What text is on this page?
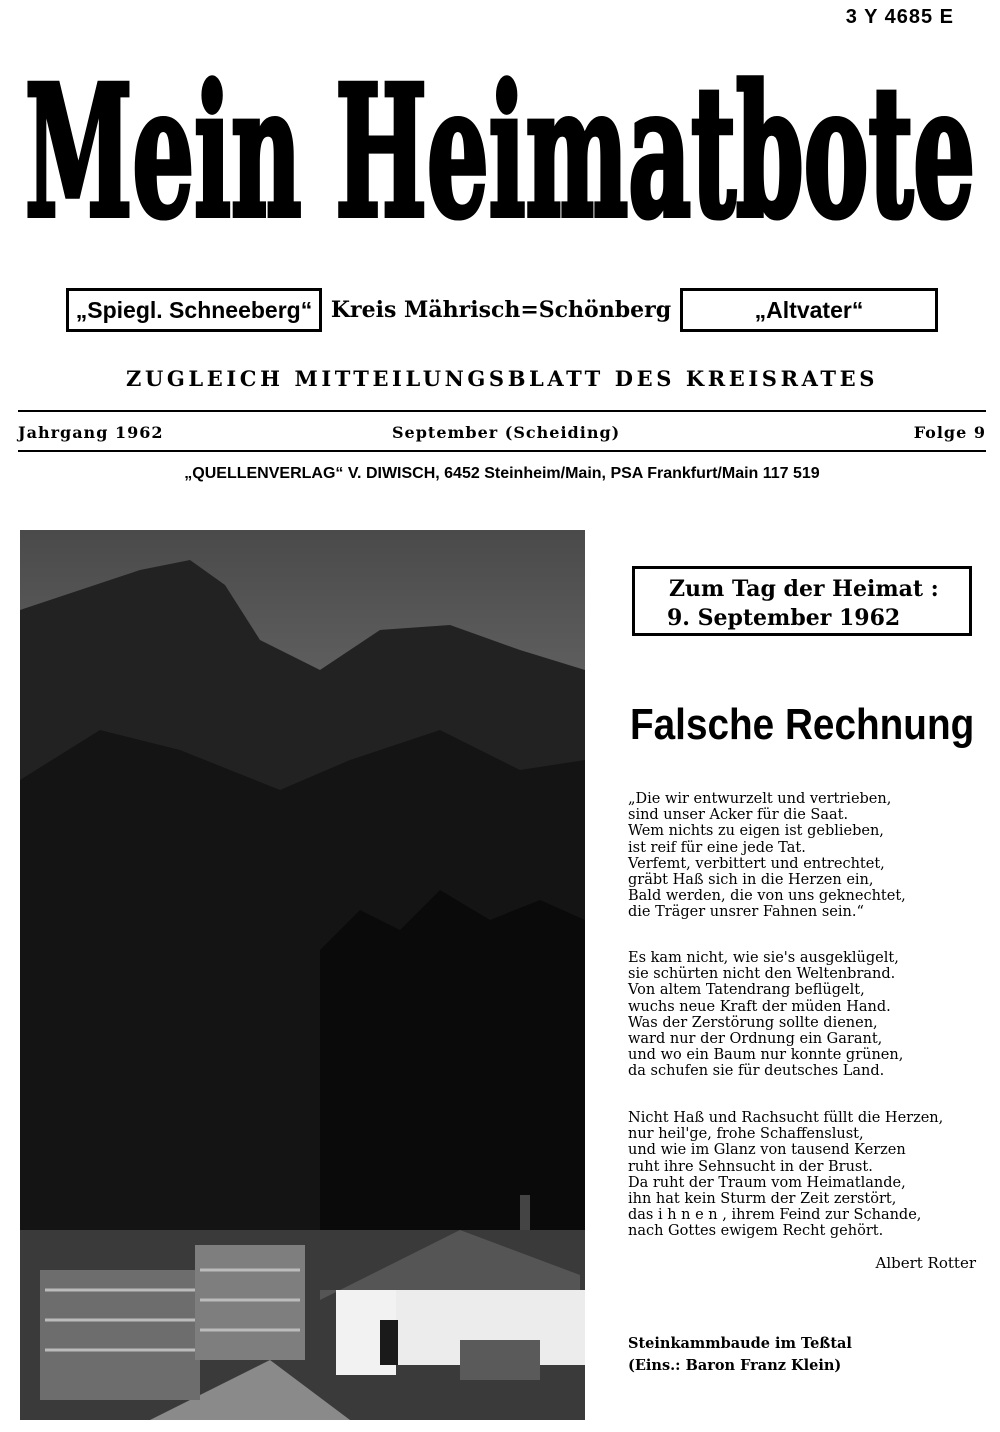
3 Y 4685 E
Mein Heimatbote
„Spiegl. Schneeberg“ Kreis Mährisch=Schönberg	„Altvater“
ZUGLEICH MITTEILUNGSBLATT DES KREISRATES
Jahrgang 1962	September (Scheiding)	Folge 9
„QUELLENVERLAG“ V. DIWISCH, 6452 Steinheim/Main, PSA Frankfurt/Main 117 519
Zum Tag der Heimat :
9. September 1962
Falsche Rechnung
„Die wir entwurzelt und vertrieben,
sind unser Acker für die Saat.
Wem nichts zu eigen ist geblieben,
ist reif für eine jede Tat.
Verfemt, verbittert und entrechtet,
gräbt Haß sich in die Herzen ein,
Bald werden, die von uns geknechtet,
die Träger unsrer Fahnen sein.“
Es kam nicht, wie sie's ausgeklügelt,
sie schürten nicht den Weltenbrand.
Von altem Tatendrang beflügelt,
wuchs neue Kraft der müden Hand.
Was der Zerstörung sollte dienen,
ward nur der Ordnung ein Garant,
und wo ein Baum nur konnte grünen,
da schufen sie für deutsches Land.
Nicht Haß und Rachsucht füllt die Herzen,
nur heil'ge, frohe Schaffenslust,
und wie im Glanz von tausend Kerzen
ruht ihre Sehnsucht in der Brust.
Da ruht der Traum vom Heimatlande,
ihn hat kein Sturm der Zeit zerstört,
das i h n e n , ihrem Feind zur Schande,
nach Gottes ewigem Recht gehört.
Albert Rotter
Steinkammbaude im Teßtal
(Eins.: Baron Franz Klein)
